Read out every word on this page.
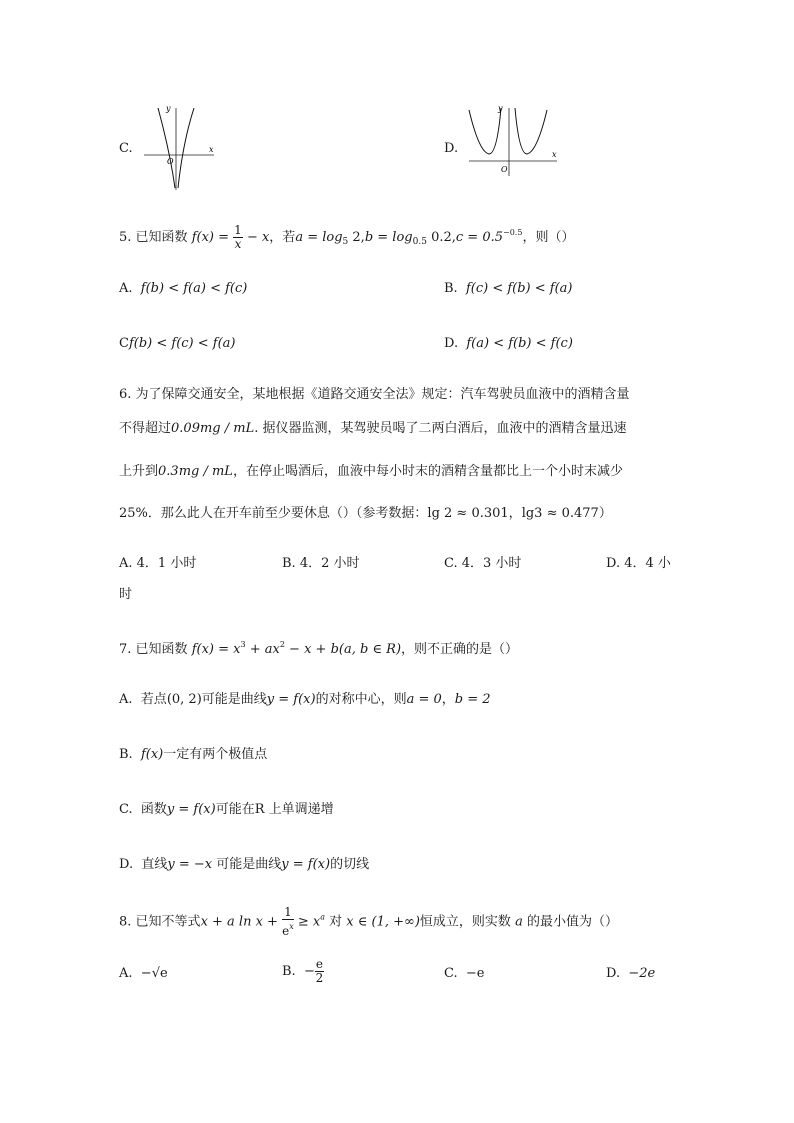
C.
y
x
O
D.
y
x
O
5. 已知函数 $f(x) = \frac{1}{x} - x$，若$a = \log_5 2,b = \log_{0.5} 0.2,c = 0.5^{-0.5}$，则（）
A. f(b) < f(a) < f(c)	B. f(c) < f(b) < f(a)
Cf(b) < f(c) < f(a)	D. f(a) < f(b) < f(c)
6. 为了保障交通安全，某地根据《道路交通安全法》规定：汽车驾驶员血液中的酒精含量
不得超过0.09mg / mL. 据仪器监测，某驾驶员喝了二两白酒后，血液中的酒精含量迅速
上升到0.3mg / mL，在停止喝酒后，血液中每小时末的酒精含量都比上一个小时末减少
25%．那么此人在开车前至少要休息（）（参考数据：lg 2 ≈ 0.301，lg3 ≈ 0.477）
A. 4．1 小时	B. 4．2 小时	C. 4．3 小时	D. 4．4 小
时
7. 已知函数 $f(x) = x^3 + ax^2 - x + b(a$, b ∈ R)，则不正确的是（）
A. 若点(0, 2)可能是曲线y = f(x)的对称中心，则a = 0，b = 2
B. f(x)一定有两个极值点
C. 函数y = f(x)可能在R 上单调递增
D. 直线y = −x 可能是曲线y = f(x)的切线
8. 已知不等式x + a $\ln x + \frac{1}{e^x} \ge x^a$ 对 x ∈ (1, +∞)恒成立，则实数 a 的最小值为（）
A. −√e	B. − $\frac{e}{2}$	C. −e	D. −2e
